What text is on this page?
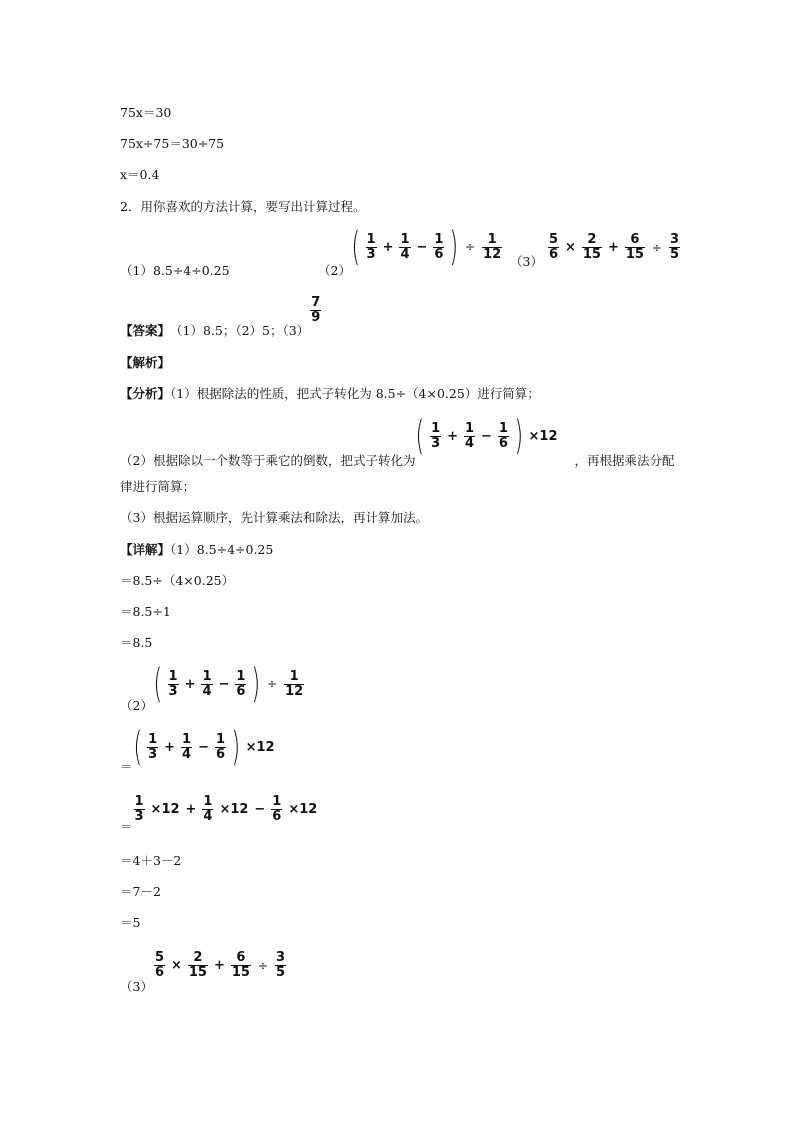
75x＝30
75x÷75＝30÷75
x＝0.4
2．用你喜欢的方法计算，要写出计算过程。
（1）8.5÷4÷0.25	$(2)( \frac{1}{3} + \frac{1}{4} - \frac{1}{6}$ ) ÷ $\frac{1}{12} (3) \frac{5}{6} \times \frac{2}{15} + \frac{6}{15} \div \frac{3}{5}$
【答案】（1）8.5；（2）5；（3）
$\frac{7}{9}$
【解析】
【分析】（1）根据除法的性质，把式子转化为 8.5÷（4×0.25）进行简算；
（2）根据除以一个数等于乘它的倒数，把式子转化为( $\frac{1}{3} + \frac{1}{4} - \frac{1}{6}$ ) ×12，再根据乘法分配
律进行简算；
（3）根据运算顺序，先计算乘法和除法，再计算加法。
【详解】（1）8.5÷4÷0.25
＝8.5÷（4×0.25）
＝8.5÷1
＝8.5
$(2)( \frac{1}{3} + \frac{1}{4} - \frac{1}{6}$ ) ÷ $\frac{1}{12}$
＝( $\frac{1}{3} + \frac{1}{4} - \frac{1}{6}$ ) ×12
＝
$\frac{1}{3} \times 12 + \frac{1}{4} \times 12 - \frac{1}{6} \times 12$
＝4＋3－2
＝7－2
＝5
（3）
$\frac{5}{6} \times \frac{2}{15} + \frac{6}{15} \div \frac{3}{5}$
